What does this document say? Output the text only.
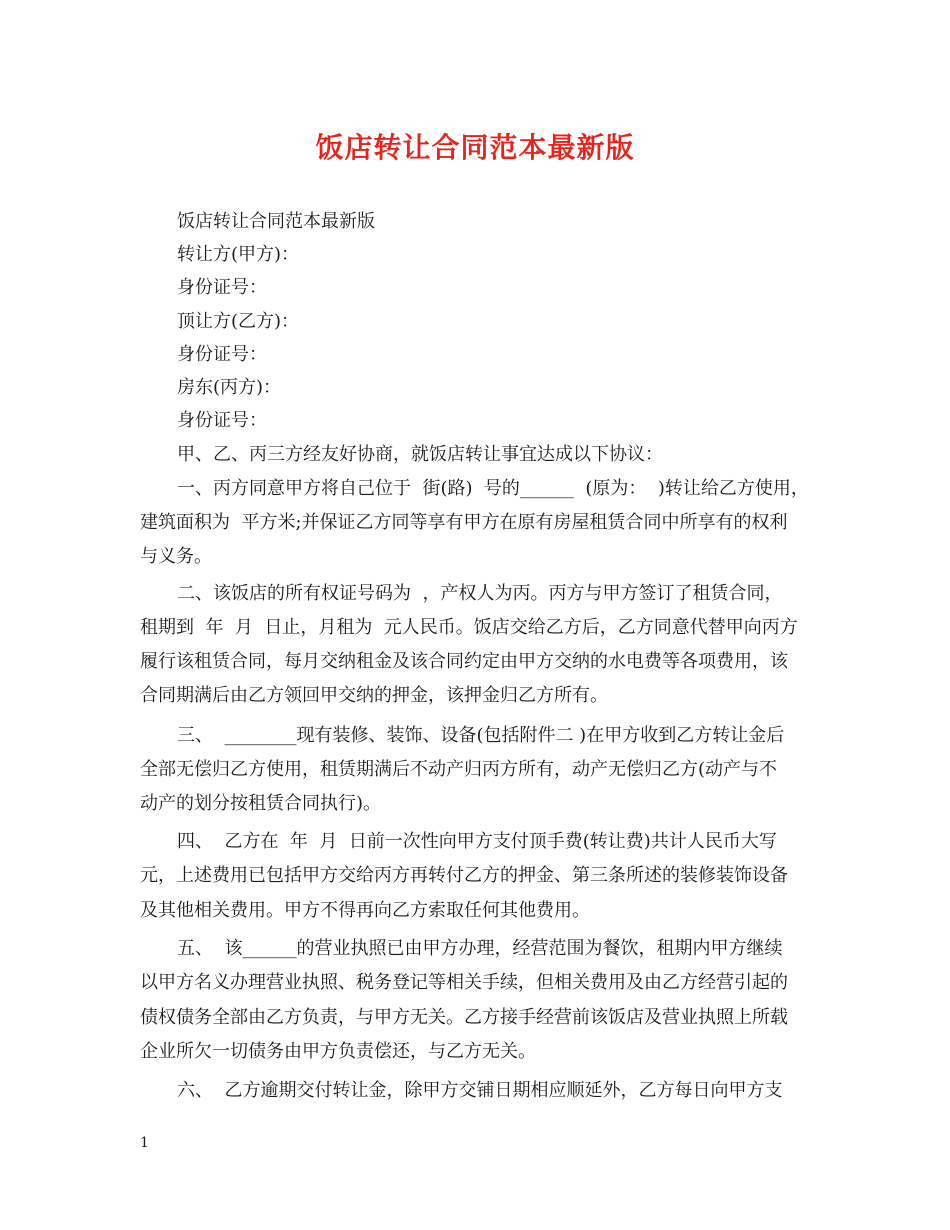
饭店转让合同范本最新版
饭店转让合同范本最新版
转让方(甲方)：
身份证号：
顶让方(乙方)：
身份证号：
房东(丙方)：
身份证号：
甲、乙、丙三方经友好协商，就饭店转让事宜达成以下协议：
一、丙方同意甲方将自己位于  街(路)  号的______  (原为：  )转让给乙方使用，
建筑面积为  平方米;并保证乙方同等享有甲方在原有房屋租赁合同中所享有的权利
与义务。
二、该饭店的所有权证号码为  ，产权人为丙。丙方与甲方签订了租赁合同，
租期到  年  月  日止，月租为  元人民币。饭店交给乙方后，乙方同意代替甲向丙方
履行该租赁合同，每月交纳租金及该合同约定由甲方交纳的水电费等各项费用，该
合同期满后由乙方领回甲交纳的押金，该押金归乙方所有。
三、  ________现有装修、装饰、设备(包括附件二 )在甲方收到乙方转让金后
全部无偿归乙方使用，租赁期满后不动产归丙方所有，动产无偿归乙方(动产与不
动产的划分按租赁合同执行)。
四、  乙方在  年  月  日前一次性向甲方支付顶手费(转让费)共计人民币大写
元，上述费用已包括甲方交给丙方再转付乙方的押金、第三条所述的装修装饰设备
及其他相关费用。甲方不得再向乙方索取任何其他费用。
五、  该______的营业执照已由甲方办理，经营范围为餐饮，租期内甲方继续
以甲方名义办理营业执照、税务登记等相关手续，但相关费用及由乙方经营引起的
债权债务全部由乙方负责，与甲方无关。乙方接手经营前该饭店及营业执照上所载
企业所欠一切债务由甲方负责偿还，与乙方无关。
六、  乙方逾期交付转让金，除甲方交铺日期相应顺延外，乙方每日向甲方支
1
